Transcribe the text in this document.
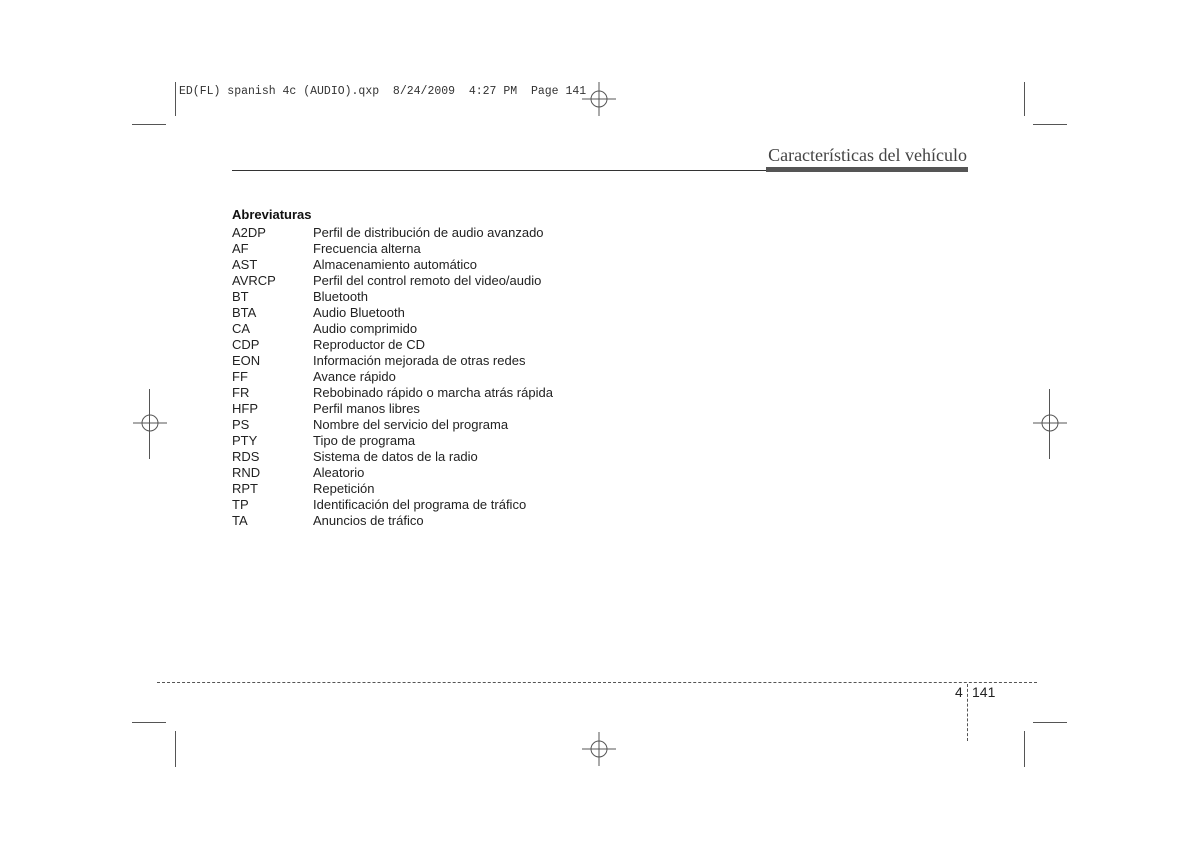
ED(FL) spanish 4c (AUDIO).qxp  8/24/2009  4:27 PM  Page 141
Características del vehículo
Abreviaturas
A2DP	Perfil de distribución de audio avanzado
AF	Frecuencia alterna
AST	Almacenamiento automático
AVRCP	Perfil del control remoto del video/audio
BT	Bluetooth
BTA	Audio Bluetooth
CA	Audio comprimido
CDP	Reproductor de CD
EON	Información mejorada de otras redes
FF	Avance rápido
FR	Rebobinado rápido o marcha atrás rápida
HFP	Perfil manos libres
PS	Nombre del servicio del programa
PTY	Tipo de programa
RDS	Sistema de datos de la radio
RND	Aleatorio
RPT	Repetición
TP	Identificación del programa de tráfico
TA	Anuncios de tráfico
4 141
